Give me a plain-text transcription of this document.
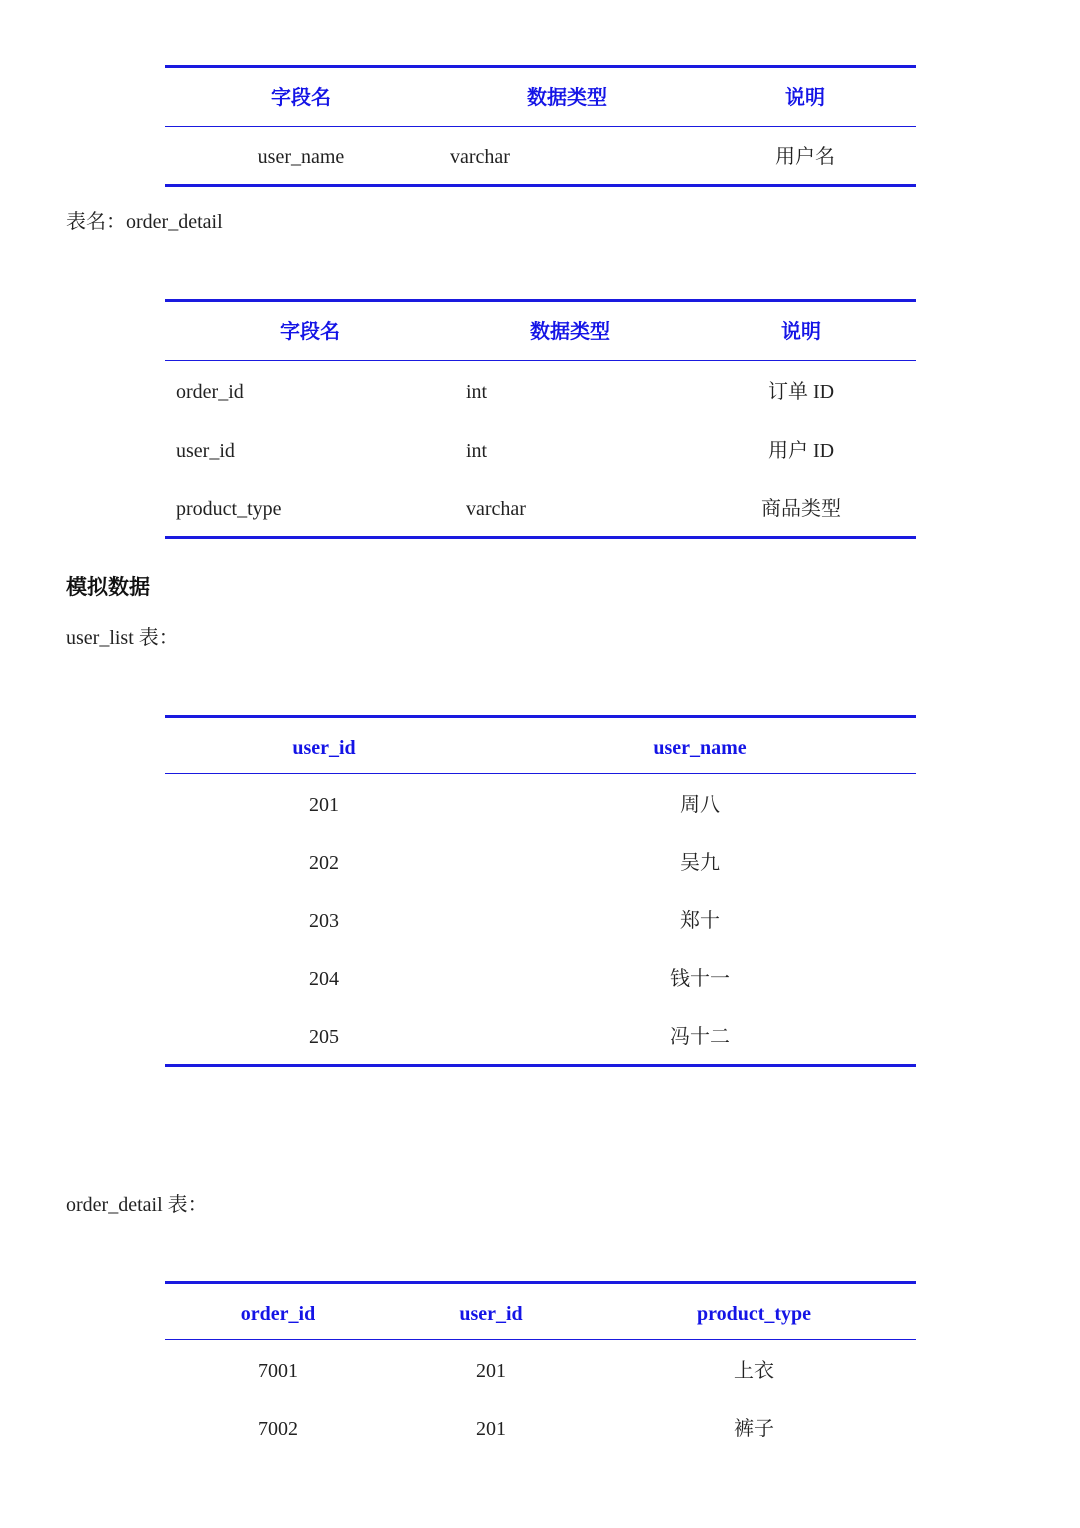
字段名	数据类型	说明
user_name	varchar	用户名
表名：order_detail
字段名	数据类型	说明
order_id	int	订单 ID
user_id	int	用户 ID
product_type	varchar	商品类型
模拟数据
user_list 表：
user_id	user_name
201	周八
202	吴九
203	郑十
204	钱十一
205	冯十二
order_detail 表：
order_id	user_id	product_type
7001	201	上衣
7002	201	裤子
